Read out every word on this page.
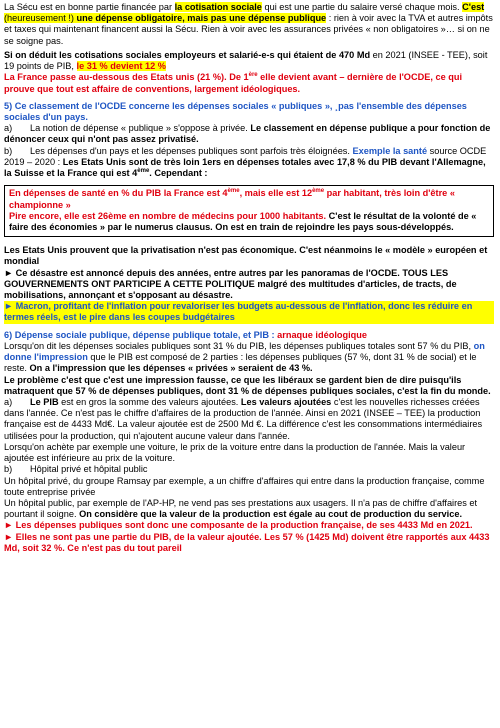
La Sécu est en bonne partie financée par la cotisation sociale qui est une partie du salaire versé chaque mois. C'est (heureusement !) une dépense obligatoire, mais pas une dépense publique : rien à voir avec la TVA et autres impôts et taxes qui maintenant financent aussi la Sécu. Rien à voir avec les assurances privées « non obligatoires »… si on ne se soigne pas.

Si on déduit les cotisations sociales employeurs et salarié-e-s qui étaient de 470 Md en 2021 (INSEE - TEE), soit 19 points de PIB, le 31 % devient 12 %

La France passe au-dessous des Etats unis (21 %). De 1ère elle devient avant – dernière de l'OCDE, ce qui prouve que tout est affaire de conventions, largement idéologiques.

5) Ce classement de l'OCDE concerne les dépenses sociales « publiques », ¸pas l'ensemble des dépenses sociales d'un pays.

a) La notion de dépense « publique » s'oppose à privée. Le classement en dépense publique a pour fonction de dénoncer ceux qui n'ont pas assez privatisé.

b) Les dépenses d'un pays et les dépenses publiques sont parfois très éloignées. Exemple la santé source OCDE 2019 – 2020 : Les Etats Unis sont de très loin 1ers en dépenses totales avec 17,8 % du PIB devant l'Allemagne, la Suisse et la France qui est 4ème. Cependant :

En dépenses de santé en % du PIB la France est 4ème, mais elle est 12ème par habitant, très loin d'être « championne »

Pire encore, elle est 26ème en nombre de médecins pour 1000 habitants. C'est le résultat de la volonté de « faire des économies » par le numerus clausus. On est en train de rejoindre les pays sous-développés.

Les Etats Unis prouvent que la privatisation n'est pas économique. C'est néanmoins le « modèle » européen et mondial

► Ce désastre est annoncé depuis des années, entre autres par les panoramas de l'OCDE. TOUS LES GOUVERNEMENTS ONT PARTICIPE A CETTE POLITIQUE malgré des multitudes d'articles, de tracts, de mobilisations, annonçant et s'opposant au désastre.

► Macron, profitant de l'inflation pour revaloriser les budgets au-dessous de l'inflation, donc les réduire en termes réels, est le pire dans les coupes budgétaires

6) Dépense sociale publique, dépense publique totale, et PIB : arnaque idéologique

Lorsqu'on dit les dépenses sociales publiques sont 31 % du PIB, les dépenses publiques totales sont 57 % du PIB, on donne l'impression que le PIB est composé de 2 parties : les dépenses publiques (57 %, dont 31 % de social) et le reste. On a l'impression que les dépenses « privées » seraient de 43 %.

Le problème c'est que c'est une impression fausse, ce que les libéraux se gardent bien de dire puisqu'ils matraquent que 57 % de dépenses publiques, dont 31 % de dépenses publiques sociales, c'est la fin du monde.

a) Le PIB est en gros la somme des valeurs ajoutées. Les valeurs ajoutées c'est les nouvelles richesses créées dans l'année. Ce n'est pas le chiffre d'affaires de la production de l'année. Ainsi en 2021 (INSEE – TEE) la production française est de 4433 Md€. La valeur ajoutée est de 2500 Md €. La différence c'est les consommations intermédiaires utilisées pour la production, qui n'ajoutent aucune valeur dans l'année.

Lorsqu'on achète par exemple une voiture, le prix de la voiture entre dans la production de l'année. Mais la valeur ajoutée est inférieure au prix de la voiture.

b) Hôpital privé et hôpital public

Un hôpital privé, du groupe Ramsay par exemple, a un chiffre d'affaires qui entre dans la production française, comme toute entreprise privée

Un hôpital public, par exemple de l'AP-HP, ne vend pas ses prestations aux usagers. Il n'a pas de chiffre d'affaires et pourtant il soigne. On considère que la valeur de la production est égale au cout de production du service.

► Les dépenses publiques sont donc une composante de la production française, de ses 4433 Md en 2021.

► Elles ne sont pas une partie du PIB, de la valeur ajoutée. Les 57 % (1425 Md) doivent être rapportés aux 4433 Md, soit 32 %. Ce n'est pas du tout pareil
